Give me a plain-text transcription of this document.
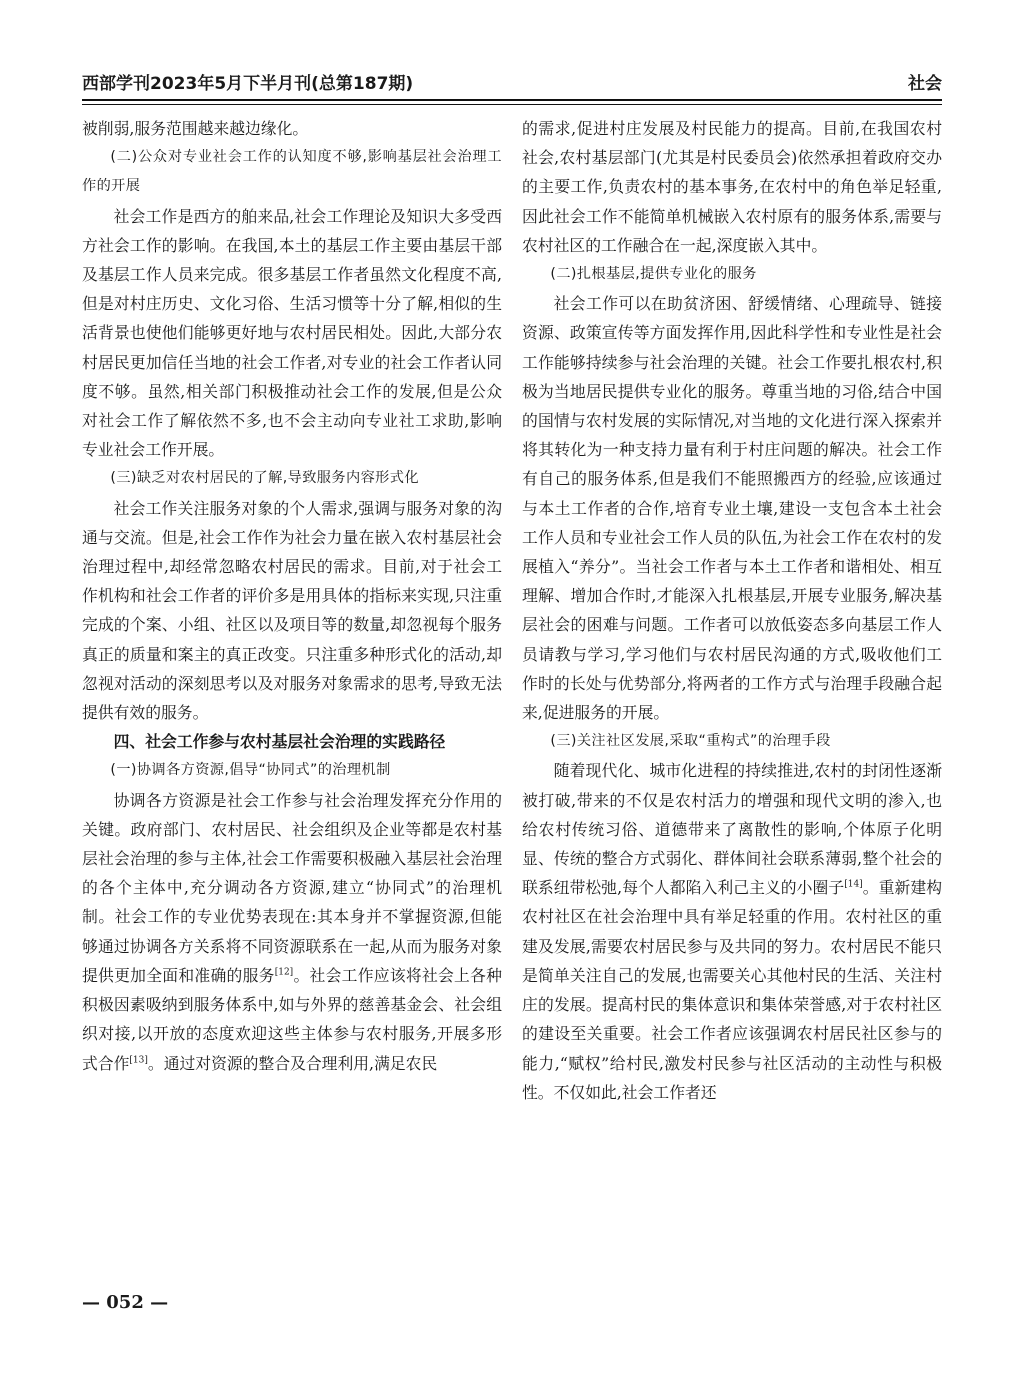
西部学刊2023年5月下半月刊(总第187期)	社会

被削弱,服务范围越来越边缘化。

(二)公众对专业社会工作的认知度不够,影响基层社会治理工作的开展

社会工作是西方的舶来品,社会工作理论及知识大多受西方社会工作的影响。在我国,本土的基层工作主要由基层干部及基层工作人员来完成。很多基层工作者虽然文化程度不高,但是对村庄历史、文化习俗、生活习惯等十分了解,相似的生活背景也使他们能够更好地与农村居民相处。因此,大部分农村居民更加信任当地的社会工作者,对专业的社会工作者认同度不够。虽然,相关部门积极推动社会工作的发展,但是公众对社会工作了解依然不多,也不会主动向专业社工求助,影响专业社会工作开展。

(三)缺乏对农村居民的了解,导致服务内容形式化

社会工作关注服务对象的个人需求,强调与服务对象的沟通与交流。但是,社会工作作为社会力量在嵌入农村基层社会治理过程中,却经常忽略农村居民的需求。目前,对于社会工作机构和社会工作者的评价多是用具体的指标来实现,只注重完成的个案、小组、社区以及项目等的数量,却忽视每个服务真正的质量和案主的真正改变。只注重多种形式化的活动,却忽视对活动的深刻思考以及对服务对象需求的思考,导致无法提供有效的服务。

四、社会工作参与农村基层社会治理的实践路径

(一)协调各方资源,倡导“协同式”的治理机制

协调各方资源是社会工作参与社会治理发挥充分作用的关键。政府部门、农村居民、社会组织及企业等都是农村基层社会治理的参与主体,社会工作需要积极融入基层社会治理的各个主体中,充分调动各方资源,建立“协同式”的治理机制。社会工作的专业优势表现在:其本身并不掌握资源,但能够通过协调各方关系将不同资源联系在一起,从而为服务对象提供更加全面和准确的服务[12]。社会工作应该将社会上各种积极因素吸纳到服务体系中,如与外界的慈善基金会、社会组织对接,以开放的态度欢迎这些主体参与农村服务,开展多形式合作[13]。通过对资源的整合及合理利用,满足农民

的需求,促进村庄发展及村民能力的提高。目前,在我国农村社会,农村基层部门(尤其是村民委员会)依然承担着政府交办的主要工作,负责农村的基本事务,在农村中的角色举足轻重,因此社会工作不能简单机械嵌入农村原有的服务体系,需要与农村社区的工作融合在一起,深度嵌入其中。

(二)扎根基层,提供专业化的服务

社会工作可以在助贫济困、舒缓情绪、心理疏导、链接资源、政策宣传等方面发挥作用,因此科学性和专业性是社会工作能够持续参与社会治理的关键。社会工作要扎根农村,积极为当地居民提供专业化的服务。尊重当地的习俗,结合中国的国情与农村发展的实际情况,对当地的文化进行深入探索并将其转化为一种支持力量有利于村庄问题的解决。社会工作有自己的服务体系,但是我们不能照搬西方的经验,应该通过与本土工作者的合作,培育专业土壤,建设一支包含本土社会工作人员和专业社会工作人员的队伍,为社会工作在农村的发展植入“养分”。当社会工作者与本土工作者和谐相处、相互理解、增加合作时,才能深入扎根基层,开展专业服务,解决基层社会的困难与问题。工作者可以放低姿态多向基层工作人员请教与学习,学习他们与农村居民沟通的方式,吸收他们工作时的长处与优势部分,将两者的工作方式与治理手段融合起来,促进服务的开展。

(三)关注社区发展,采取“重构式”的治理手段

随着现代化、城市化进程的持续推进,农村的封闭性逐渐被打破,带来的不仅是农村活力的增强和现代文明的渗入,也给农村传统习俗、道德带来了离散性的影响,个体原子化明显、传统的整合方式弱化、群体间社会联系薄弱,整个社会的联系纽带松弛,每个人都陷入利己主义的小圈子[14]。重新建构农村社区在社会治理中具有举足轻重的作用。农村社区的重建及发展,需要农村居民参与及共同的努力。农村居民不能只是简单关注自己的发展,也需要关心其他村民的生活、关注村庄的发展。提高村民的集体意识和集体荣誉感,对于农村社区的建设至关重要。社会工作者应该强调农村居民社区参与的能力,“赋权”给村民,激发村民参与社区活动的主动性与积极性。不仅如此,社会工作者还

— 052 —
